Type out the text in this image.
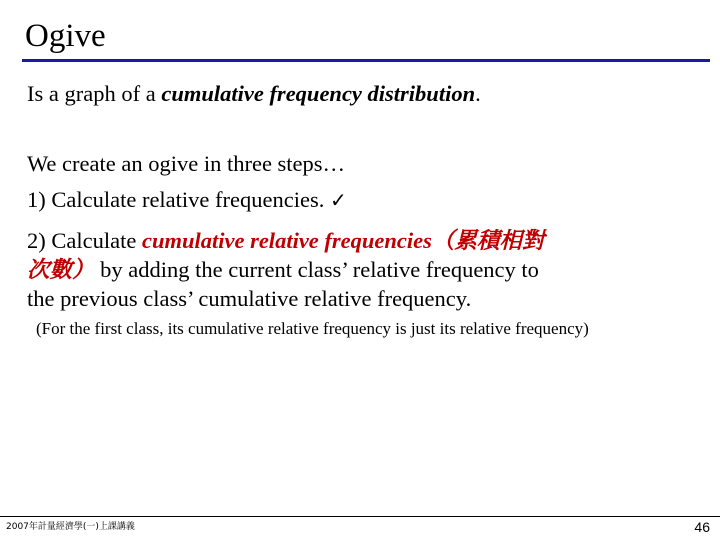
Ogive
Is a graph of a cumulative frequency distribution.
We create an ogive in three steps…
1) Calculate relative frequencies. ✓
2) Calculate cumulative relative frequencies（累積相對
次數） by adding the current class’ relative frequency to
the previous class’ cumulative relative frequency.
(For the first class, its cumulative relative frequency is just its relative frequency)
2007年計量經濟學(一)上課講義	46
